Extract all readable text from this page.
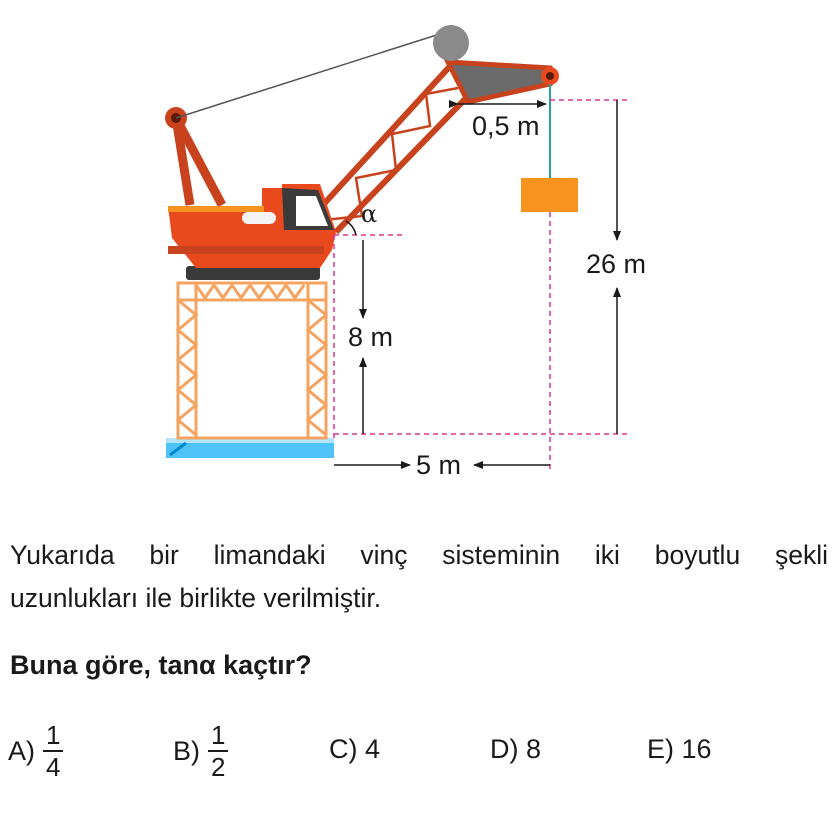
α
0,5 m
26 m
8 m
5 m
Yukarıda bir limandaki vinç sisteminin iki boyutlu şekli
uzunlukları ile birlikte verilmiştir.
Buna göre, tanα kaçtır?
$A) \frac{1}{4}$	$B) \frac{1}{2}$	C)
4	D)
8	E)
16
